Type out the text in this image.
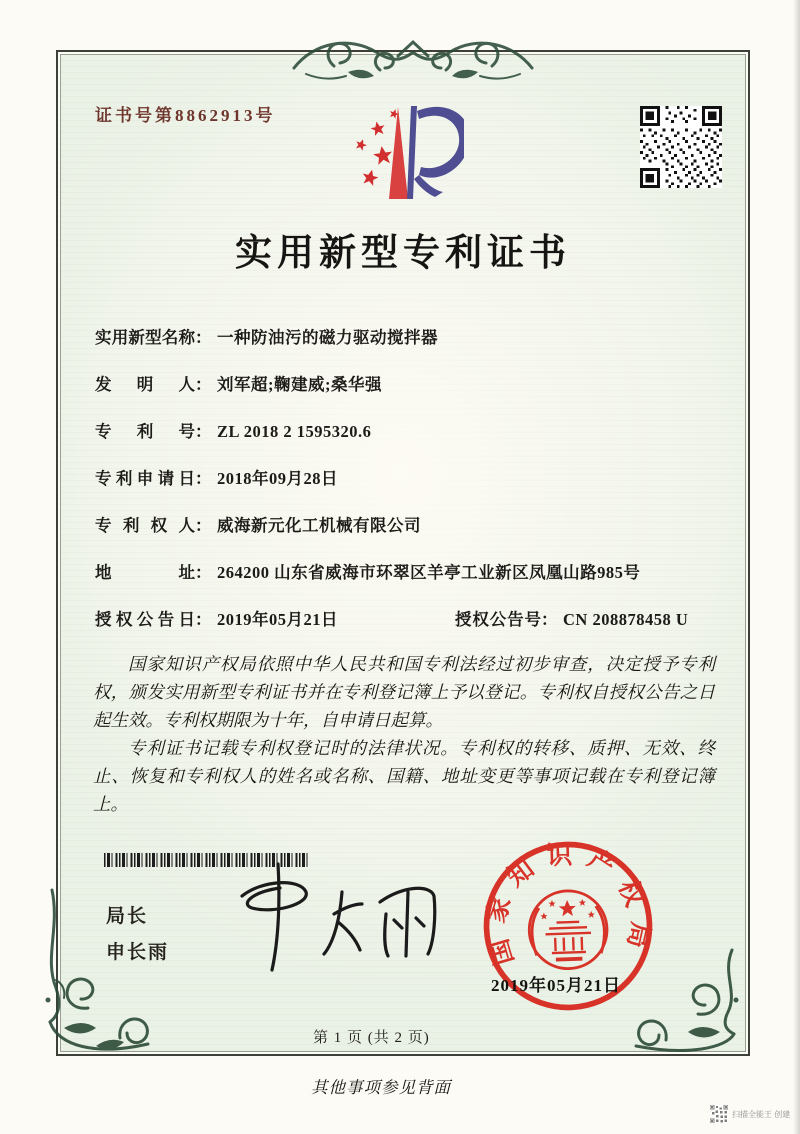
证书号第8862913号
实用新型专利证书
实用新型名称： 一种防油污的磁力驱动搅拌器
发明人： 刘军超;鞠建威;桑华强
专利号： ZL 2018 2 1595320.6
专利申请日： 2018年09月28日
专利权人： 威海新元化工机械有限公司
地址： 264200 山东省威海市环翠区羊亭工业新区凤凰山路985号
授权公告日： 2019年05月21日	授权公告号： CN 208878458 U

国家知识产权局依照中华人民共和国专利法经过初步审查，决定授予专利权，颁发实用新型专利证书并在专利登记簿上予以登记。专利权自授权公告之日起生效。专利权期限为十年，自申请日起算。

专利证书记载专利权登记时的法律状况。专利权的转移、质押、无效、终止、恢复和专利权人的姓名或名称、国籍、地址变更等事项记载在专利登记簿上。

局长
申长雨	国家知识产权局
2019年05月21日
第 1 页 (共 2 页)
其他事项参见背面
扫描全能王 创建
